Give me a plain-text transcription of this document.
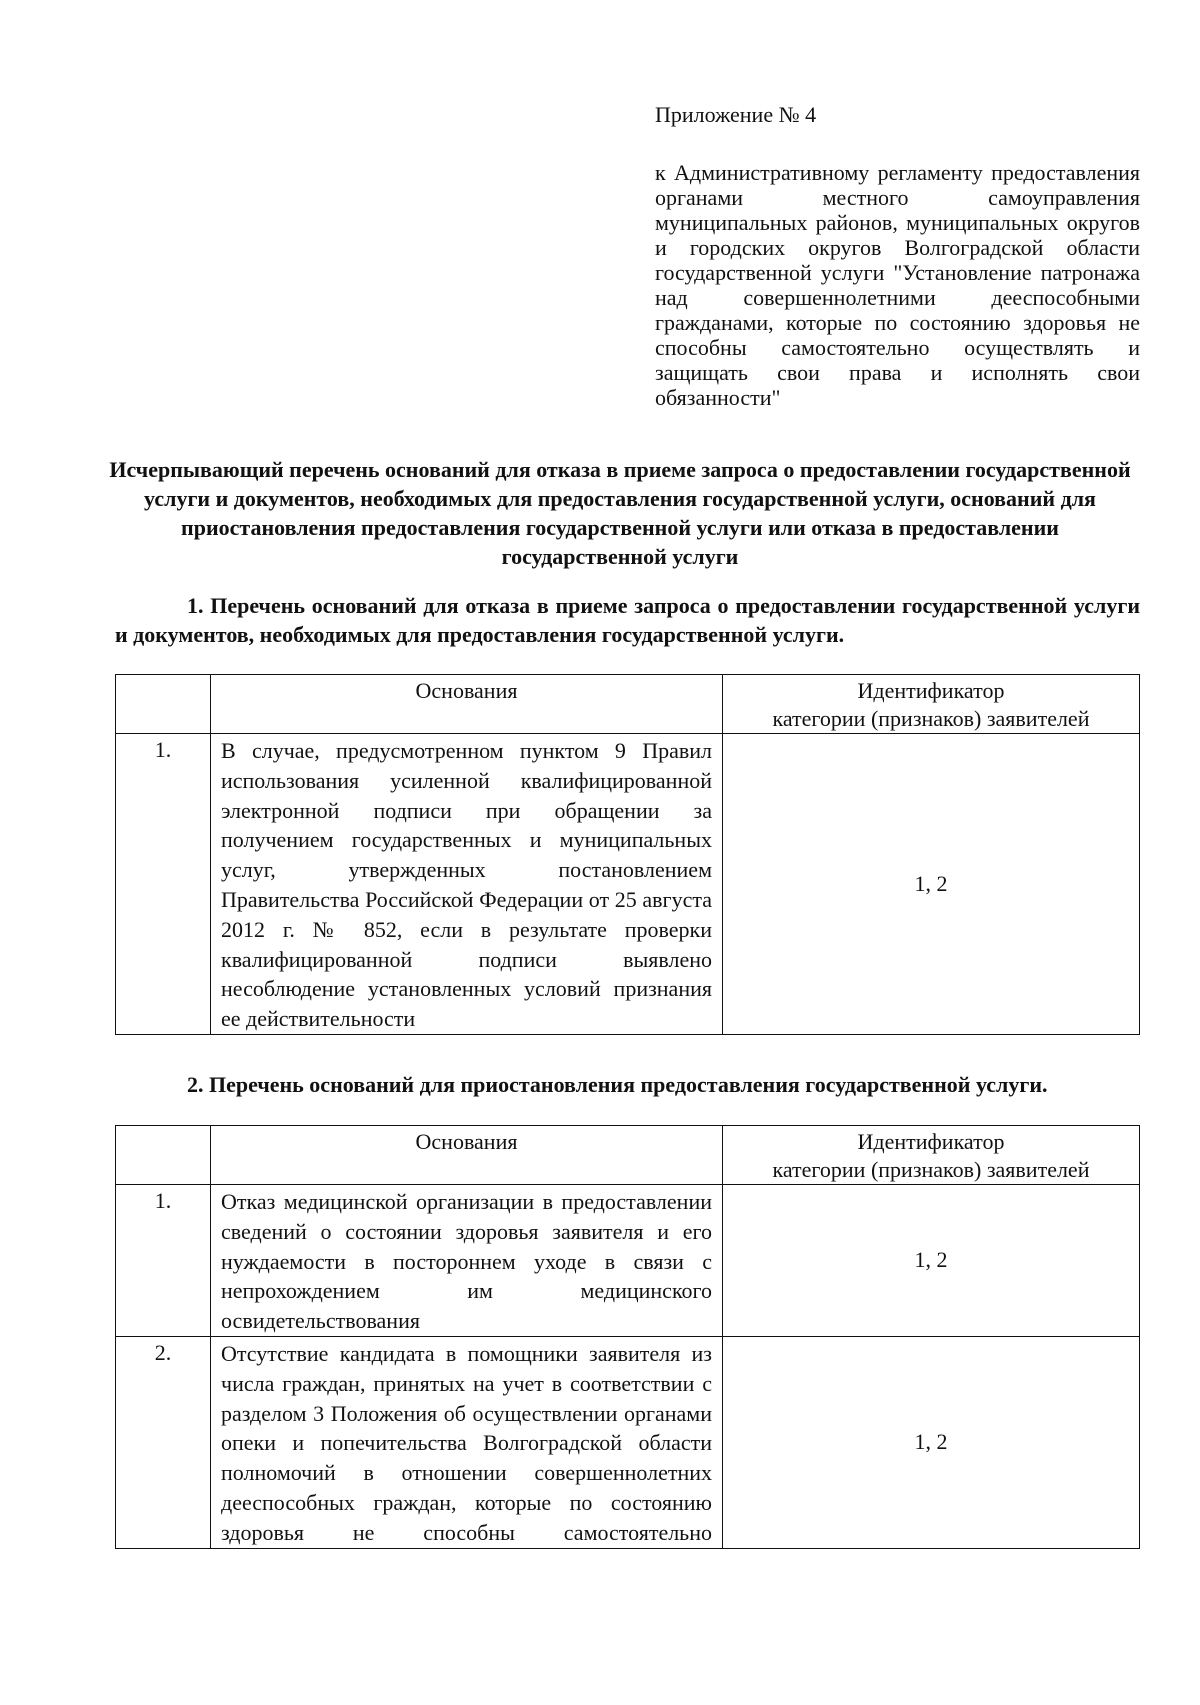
Приложение № 4

к Административному регламенту предоставления органами местного самоуправления муниципальных районов, муниципальных округов и городских округов Волгоградской области государственной услуги "Установление патронажа над совершеннолетними дееспособными гражданами, которые по состоянию здоровья не способны самостоятельно осуществлять и защищать свои права и исполнять свои обязанности"

Исчерпывающий перечень оснований для отказа в приеме запроса о предоставлении государственной услуги и документов, необходимых для предоставления государственной услуги, оснований для приостановления предоставления государственной услуги или отказа в предоставлении государственной услуги

1. Перечень оснований для отказа в приеме запроса о предоставлении государственной услуги и документов, необходимых для предоставления государственной услуги.

	Основания	Идентификатор
категории (признаков) заявителей

1.	В случае, предусмотренном пунктом 9 Правил использования усиленной квалифицированной электронной подписи при обращении за получением государственных и муниципальных услуг, утвержденных постановлением Правительства Российской Федерации от 25 августа 2012 г. № 852, если в результате проверки квалифицированной подписи выявлено несоблюдение установленных условий признания ее действительности	1, 2

2. Перечень оснований для приостановления предоставления государственной услуги.

	Основания	Идентификатор
категории (признаков) заявителей

1.	Отказ медицинской организации в предоставлении сведений о состоянии здоровья заявителя и его нуждаемости в постороннем уходе в связи с непрохождением им медицинского освидетельствования	1, 2
2.	Отсутствие кандидата в помощники заявителя из числа граждан, принятых на учет в соответствии с разделом 3 Положения об осуществлении органами опеки и попечительства Волгоградской области полномочий в отношении совершеннолетних дееспособных граждан, которые по состоянию здоровья не способны самостоятельно	1, 2
